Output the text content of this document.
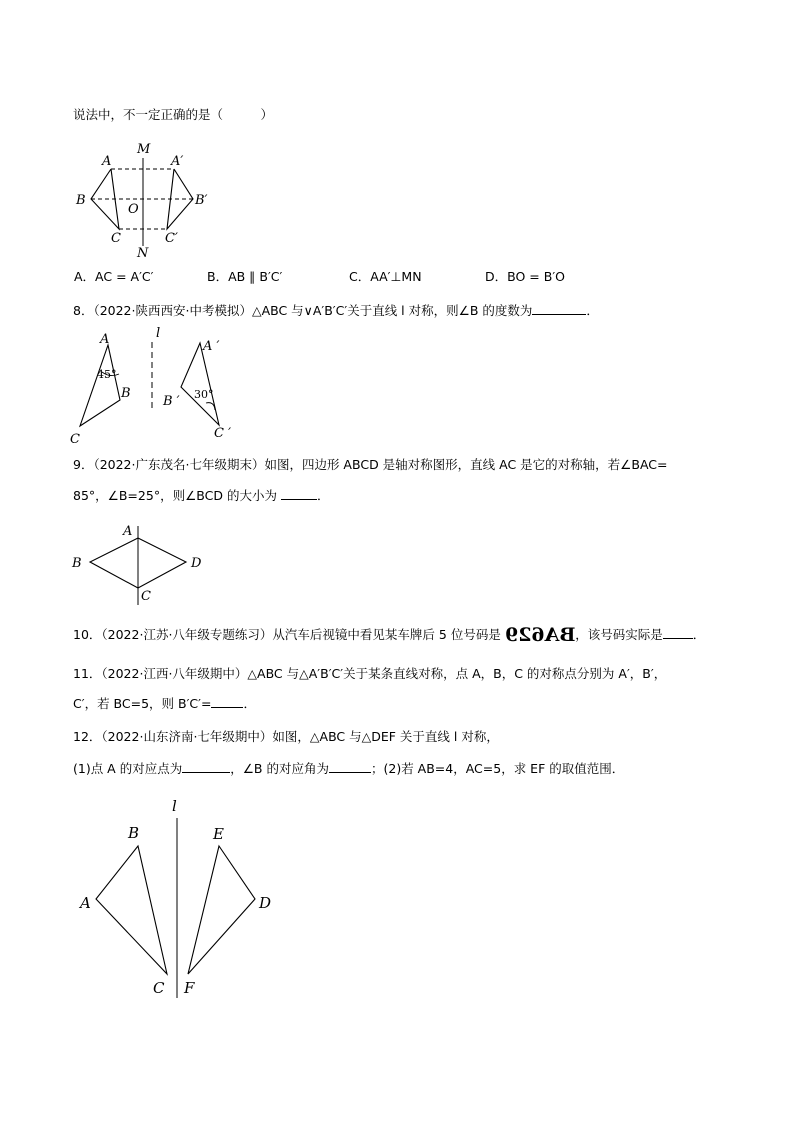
说法中，不一定正确的是（　　　）
M
N
A	A′
B	B′
C	C′
O
A．AC = A′C′	B．AB ∥ B′C′	C．AA′⊥MN	D．BO = B′O
8．（2022·陕西西安·中考模拟）△ABC 与∨A′B′C′关于直线 l 对称，则∠B 的度数为	．
l
A
B
C
A ′
B ′
C ′
45°
30°
9．（2022·广东茂名·七年级期末）如图，四边形 ABCD 是轴对称图形，直线 AC 是它的对称轴，若∠BAC=
85°，∠B=25°，则∠BCD 的大小为	．
A
B
C
D
10．（2022·江苏·八年级专题练习）从汽车后视镜中看见某车牌后 5 位号码是 BA629，该号码实际是 ．
11．（2022·江西·八年级期中）△ABC 与△A′B′C′关于某条直线对称，点 A，B，C 的对称点分别为 A′，B′，
C′，若 BC=5，则 B′C′=	．
12．（2022·山东济南·七年级期中）如图，△ABC 与△DEF 关于直线 l 对称，
(1)点 A 的对应点为	，∠B 的对应角为	；(2)若 AB=4，AC=5，求 EF 的取值范围．
l
B
A
C
E
D
F
